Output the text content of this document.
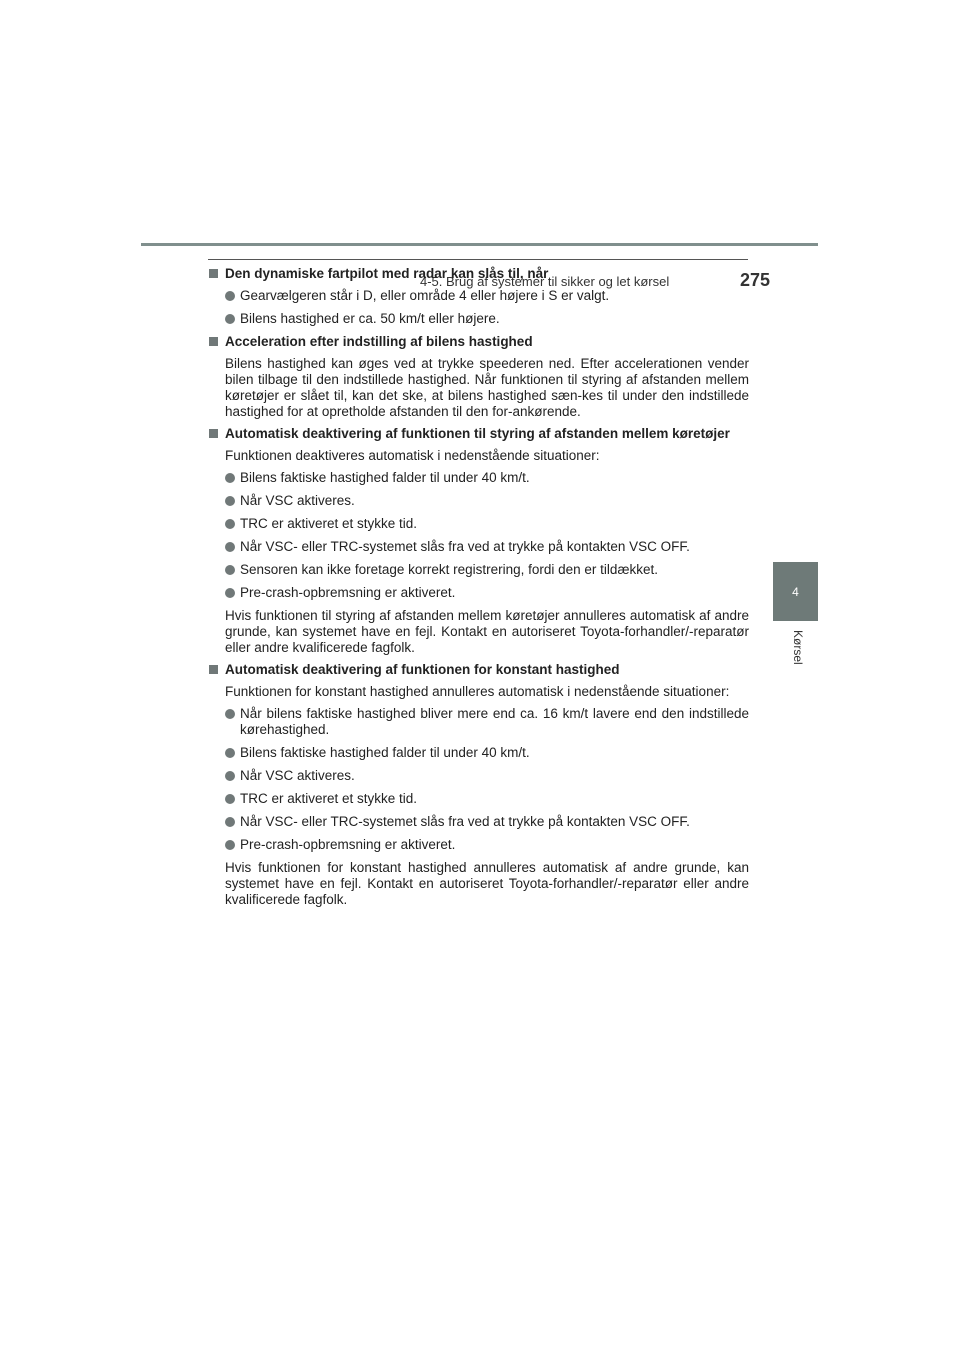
4-5. Brug af systemer til sikker og let kørsel	275
4
Kørsel
Den dynamiske fartpilot med radar kan slås til, når
Gearvælgeren står i D, eller område 4 eller højere i S er valgt.
Bilens hastighed er ca. 50 km/t eller højere.
Acceleration efter indstilling af bilens hastighed
Bilens hastighed kan øges ved at trykke speederen ned. Efter accelerationen vender bilen tilbage til den indstillede hastighed. Når funktionen til styring af afstanden mellem køretøjer er slået til, kan det ske, at bilens hastighed sæn-kes til under den indstillede hastighed for at opretholde afstanden til den for-ankørende.
Automatisk deaktivering af funktionen til styring af afstanden mellem køretøjer
Funktionen deaktiveres automatisk i nedenstående situationer:
Bilens faktiske hastighed falder til under 40 km/t.
Når VSC aktiveres.
TRC er aktiveret et stykke tid.
Når VSC- eller TRC-systemet slås fra ved at trykke på kontakten VSC OFF.
Sensoren kan ikke foretage korrekt registrering, fordi den er tildækket.
Pre-crash-opbremsning er aktiveret.
Hvis funktionen til styring af afstanden mellem køretøjer annulleres automatisk af andre grunde, kan systemet have en fejl. Kontakt en autoriseret Toyota-forhandler/-reparatør eller andre kvalificerede fagfolk.
Automatisk deaktivering af funktionen for konstant hastighed
Funktionen for konstant hastighed annulleres automatisk i nedenstående situationer:
Når bilens faktiske hastighed bliver mere end ca. 16 km/t lavere end den indstillede kørehastighed.
Bilens faktiske hastighed falder til under 40 km/t.
Når VSC aktiveres.
TRC er aktiveret et stykke tid.
Når VSC- eller TRC-systemet slås fra ved at trykke på kontakten VSC OFF.
Pre-crash-opbremsning er aktiveret.
Hvis funktionen for konstant hastighed annulleres automatisk af andre grunde, kan systemet have en fejl. Kontakt en autoriseret Toyota-forhandler/-reparatør eller andre kvalificerede fagfolk.
